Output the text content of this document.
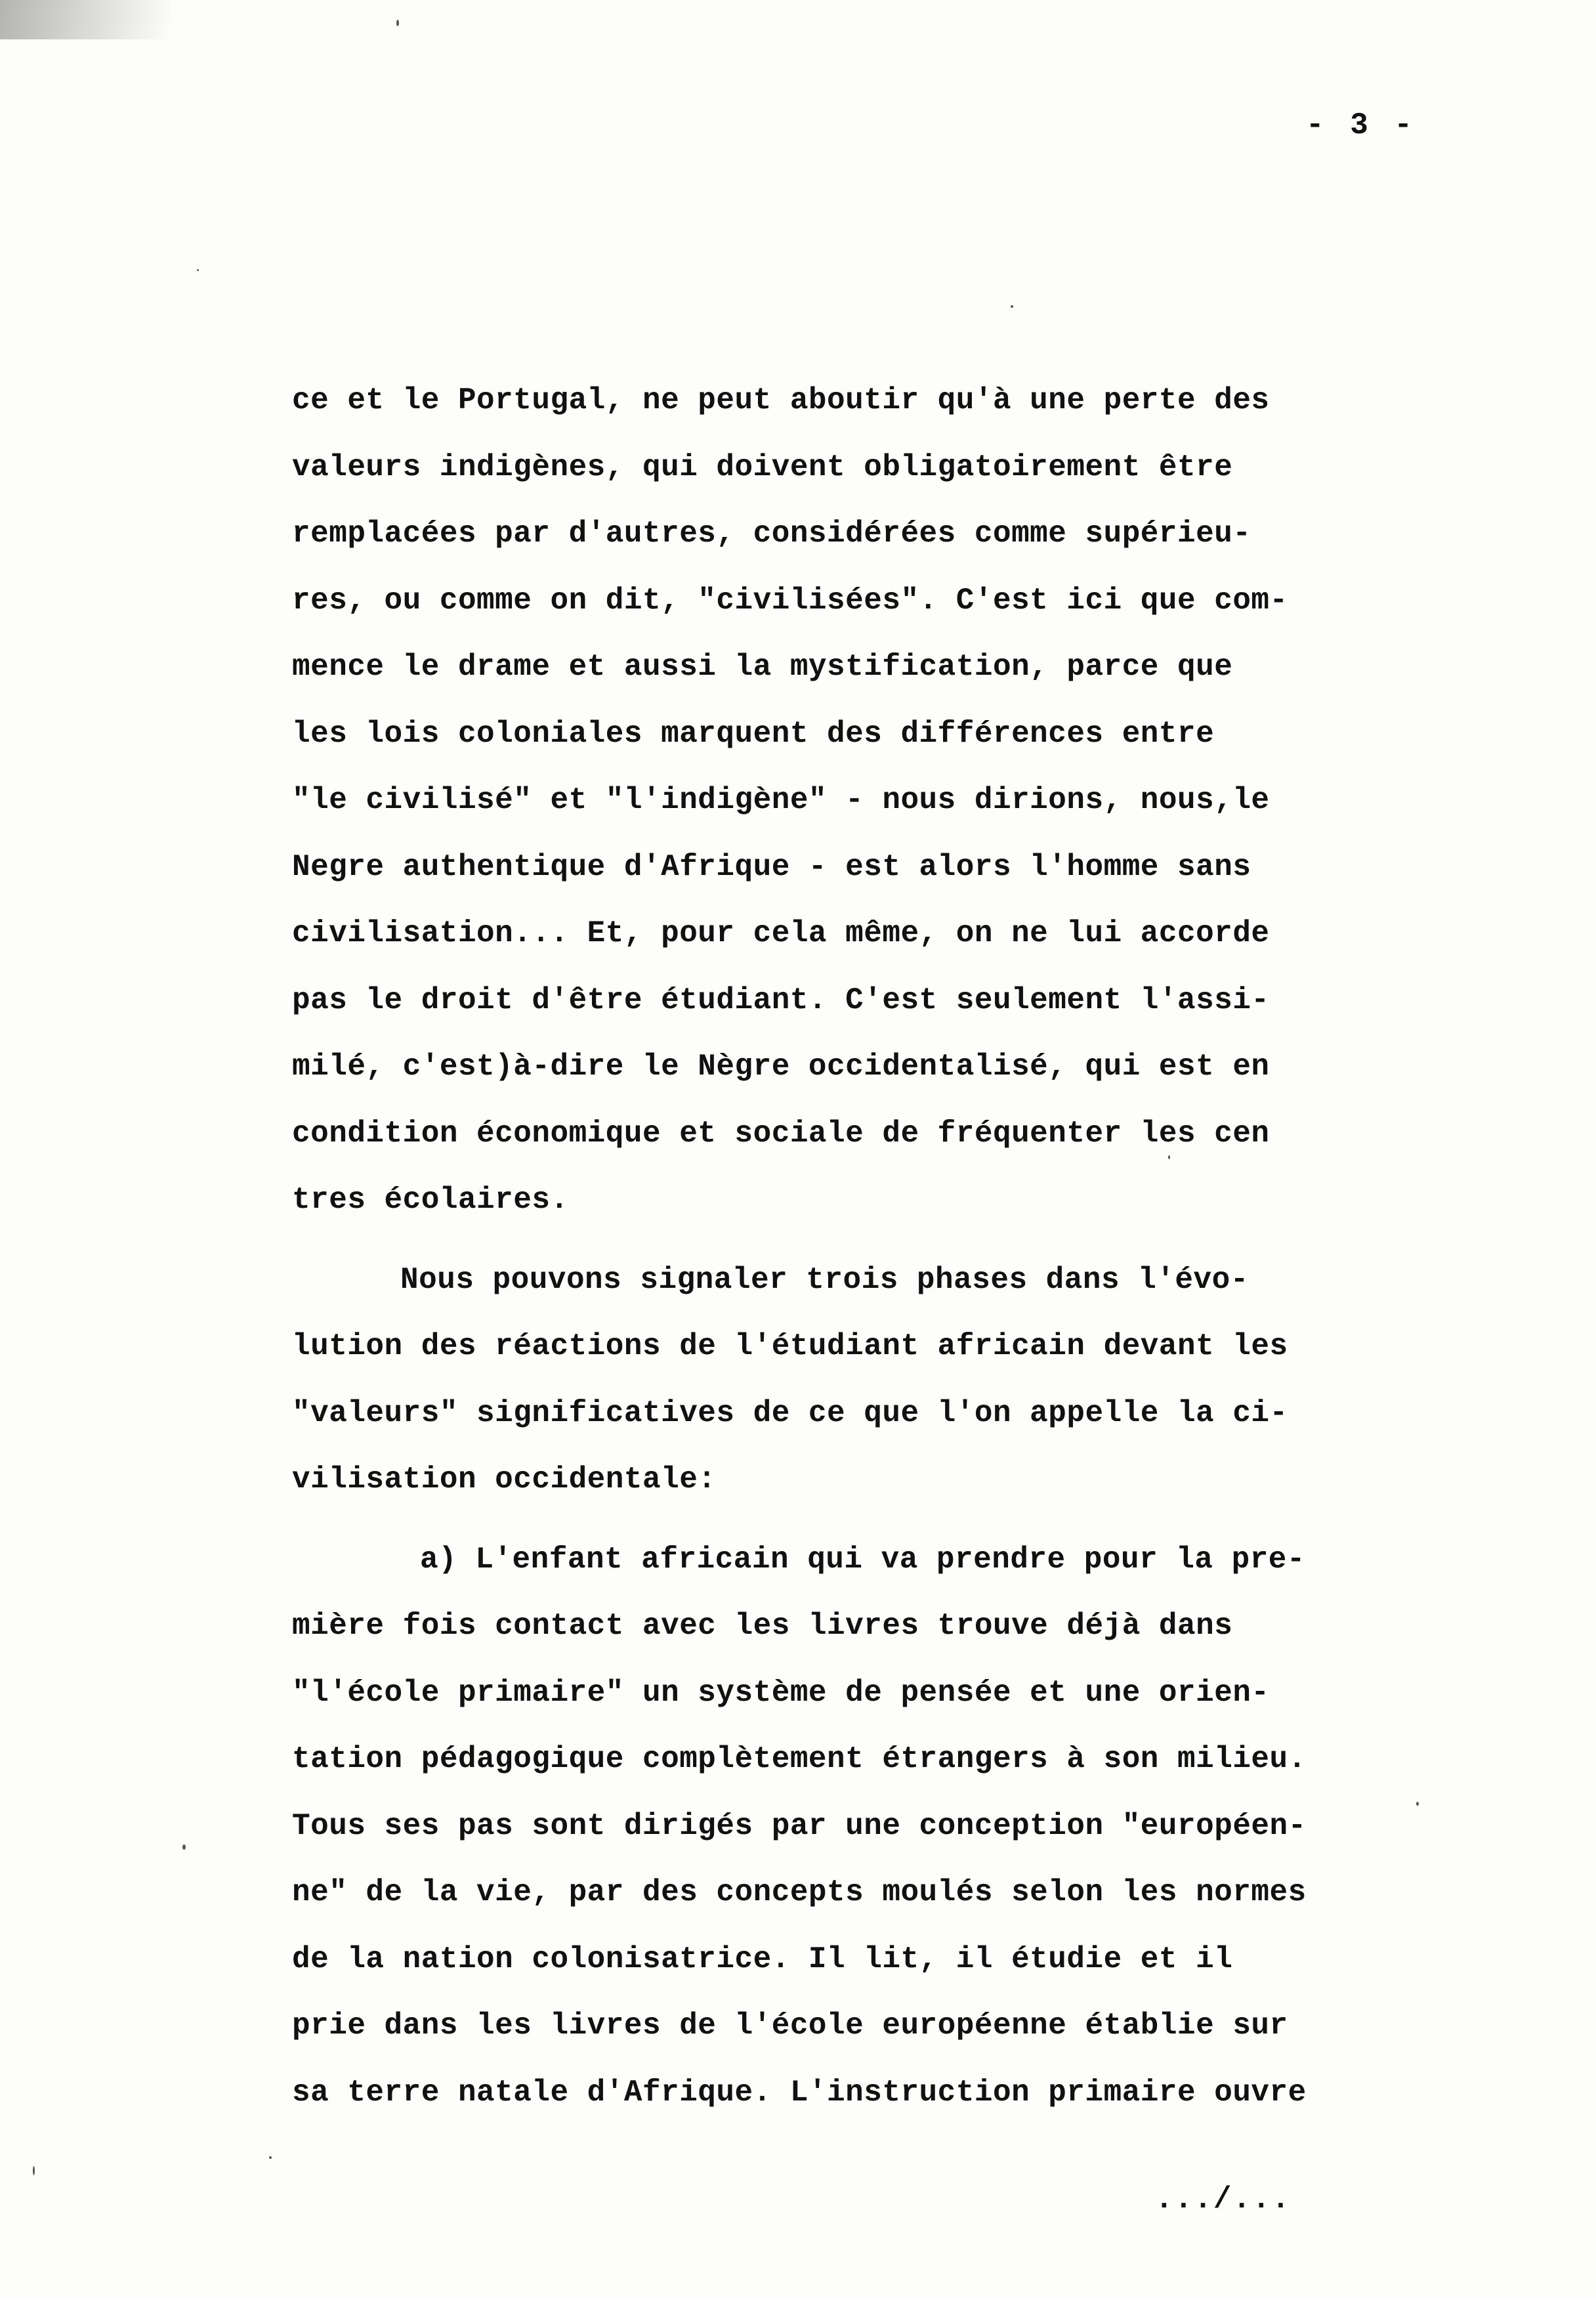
- 3 -
ce et le Portugal, ne peut aboutir qu'à une perte des
valeurs indigènes, qui doivent obligatoirement être
remplacées par d'autres, considérées comme supérieu-
res, ou comme on dit, "civilisées". C'est ici que com-
mence le drame et aussi la mystification, parce que
les lois coloniales marquent des différences entre
"le civilisé" et "l'indigène" - nous dirions, nous,le
Negre authentique d'Afrique - est alors l'homme sans
civilisation... Et, pour cela même, on ne lui accorde
pas le droit d'être étudiant. C'est seulement l'assi-
milé, c'est)à-dire le Nègre occidentalisé, qui est en
condition économique et sociale de fréquenter les cen
tres écolaires.
Nous pouvons signaler trois phases dans l'évo-
lution des réactions de l'étudiant africain devant les
"valeurs" significatives de ce que l'on appelle la ci-
vilisation occidentale:
a) L'enfant africain qui va prendre pour la pre-
mière fois contact avec les livres trouve déjà dans
"l'école primaire" un système de pensée et une orien-
tation pédagogique complètement étrangers à son milieu.
Tous ses pas sont dirigés par une conception "européen-
ne" de la vie, par des concepts moulés selon les normes
de la nation colonisatrice. Il lit, il étudie et il
prie dans les livres de l'école européenne établie sur
sa terre natale d'Afrique. L'instruction primaire ouvre
.../...
